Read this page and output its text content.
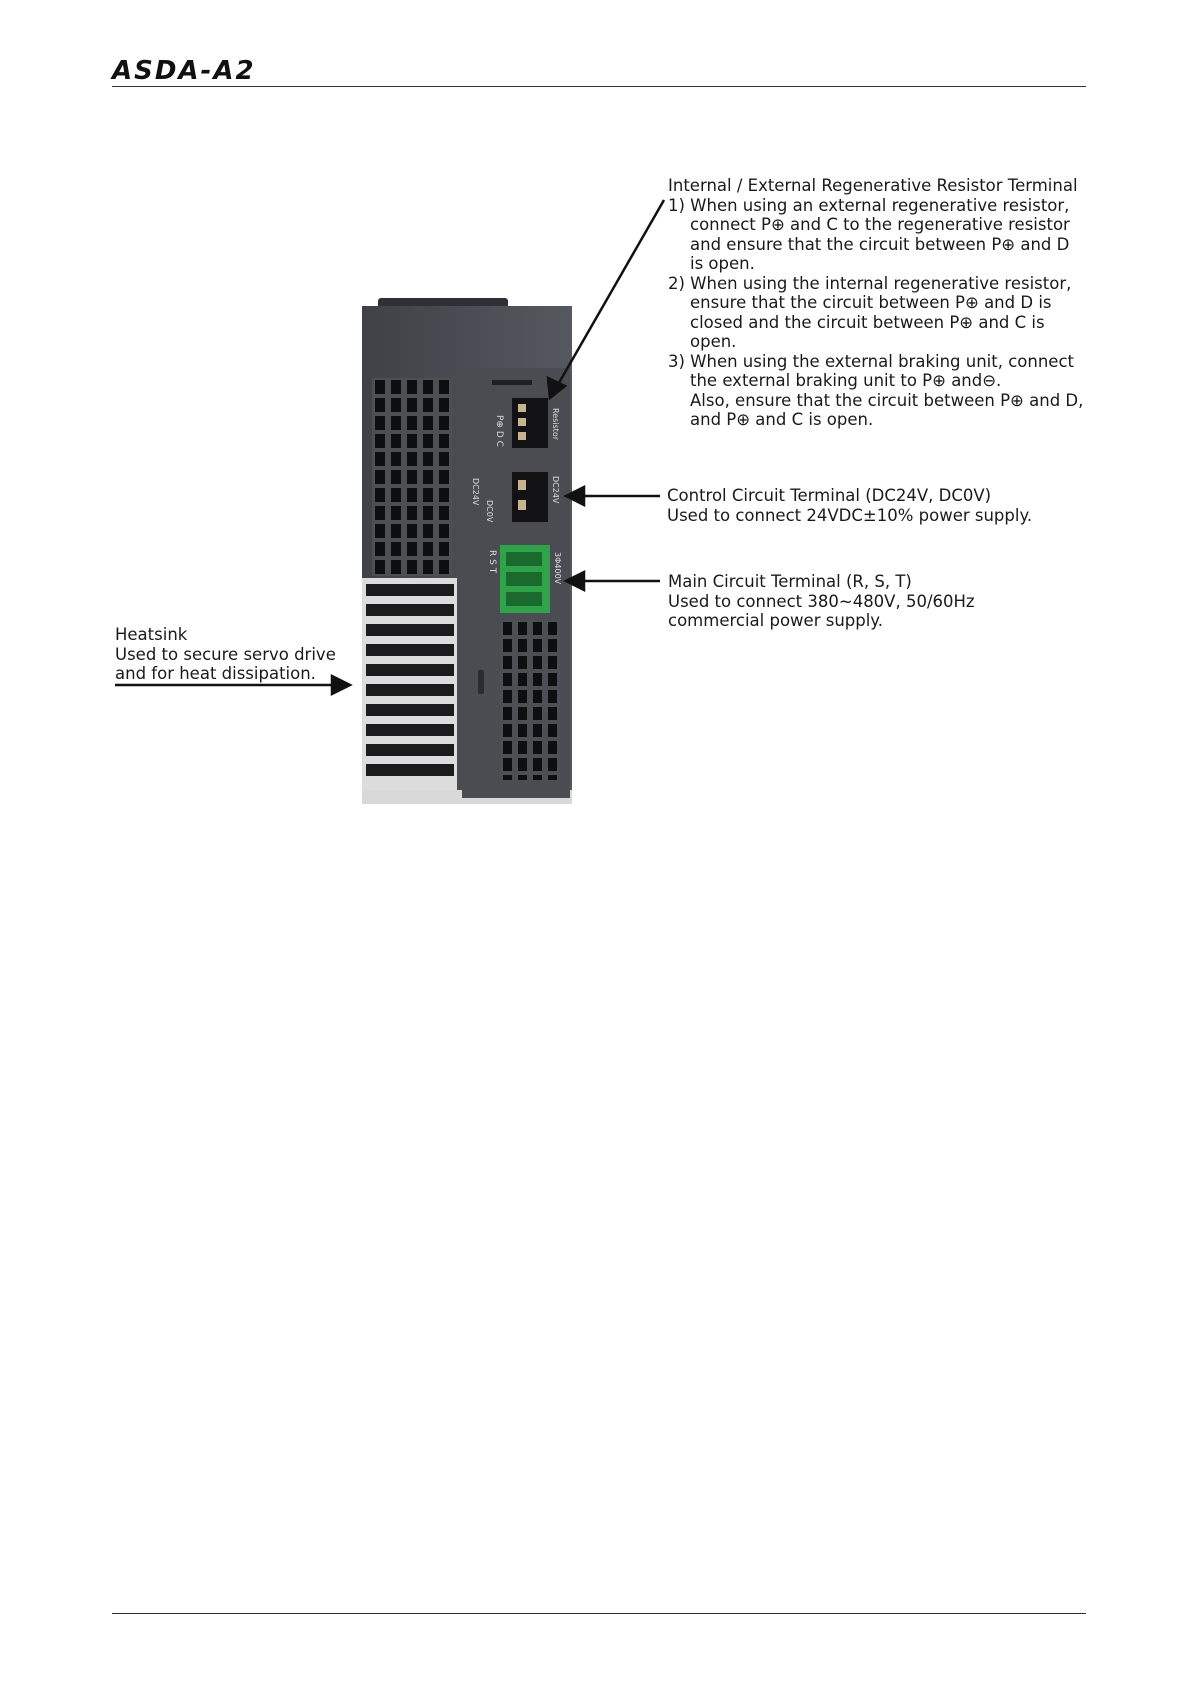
ASDA-A2
P⊕ D C	Resistor
DC24V
DC0V
DC24V
R S T	3Φ400V
Internal / External Regenerative Resistor Terminal
1) When using an external regenerative resistor,
connect P⊕ and C to the regenerative resistor
and ensure that the circuit between P⊕ and D
is open.
2) When using the internal regenerative resistor,
ensure that the circuit between P⊕ and D is
closed and the circuit between P⊕ and C is
open.
3) When using the external braking unit, connect
the external braking unit to P⊕ and⊖.
Also, ensure that the circuit between P⊕ and D,
and P⊕ and C is open.
Control Circuit Terminal (DC24V, DC0V)
Used to connect 24VDC±10% power supply.
Main Circuit Terminal (R, S, T)
Used to connect 380~480V, 50/60Hz
commercial power supply.
Heatsink
Used to secure servo drive
and for heat dissipation.
